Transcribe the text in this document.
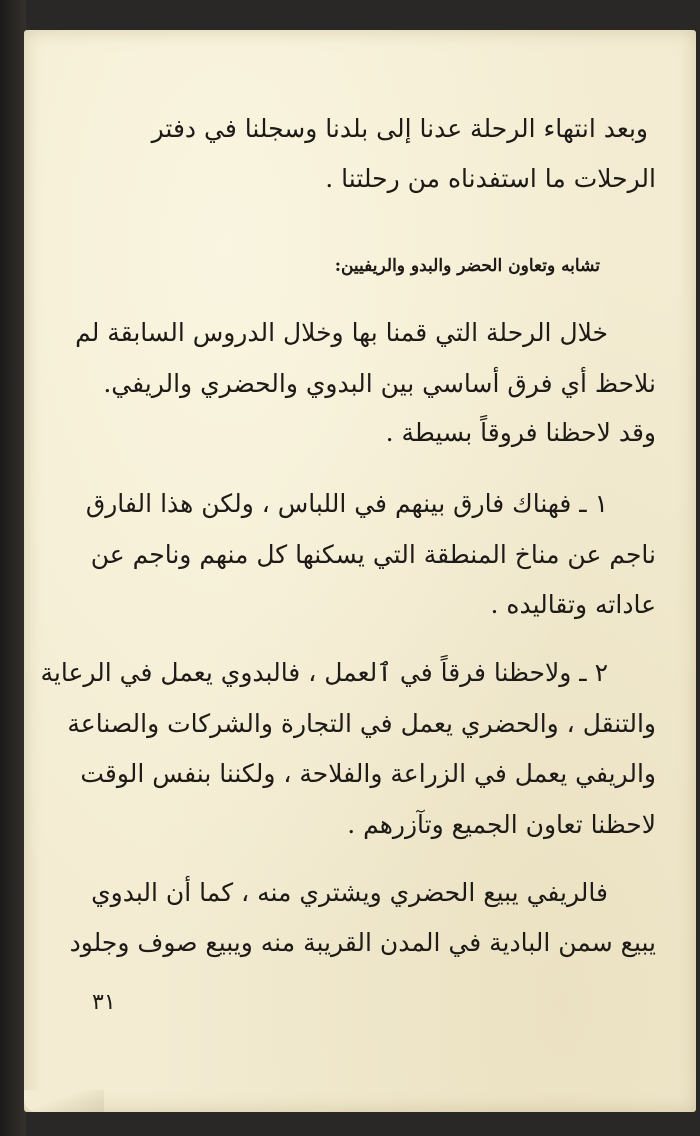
وبعد انتهاء الرحلة عدنا إلى بلدنا وسجلنا في دفتر
الرحلات ما استفدناه من رحلتنا .
تشابه وتعاون الحضر والبدو والريفيين:
خلال الرحلة التي قمنا بها وخلال الدروس السابقة لم
نلاحظ أي فرق أساسي بين البدوي والحضري والريفي.
وقد لاحظنا فروقاً بسيطة .
١ ـ فهناك فارق بينهم في اللباس ، ولكن هذا الفارق
ناجم عن مناخ المنطقة التي يسكنها كل منهم وناجم عن
عاداته وتقاليده .
٢ ـ ولاحظنا فرقاً في ٱلعمل ، فالبدوي يعمل في الرعاية
والتنقل ، والحضري يعمل في التجارة والشركات والصناعة
والريفي يعمل في الزراعة والفلاحة ، ولكننا بنفس الوقت
لاحظنا تعاون الجميع وتآزرهم .
فالريفي يبيع الحضري ويشتري منه ، كما أن البدوي
يبيع سمن البادية في المدن القريبة منه ويبيع صوف وجلود
٣١
